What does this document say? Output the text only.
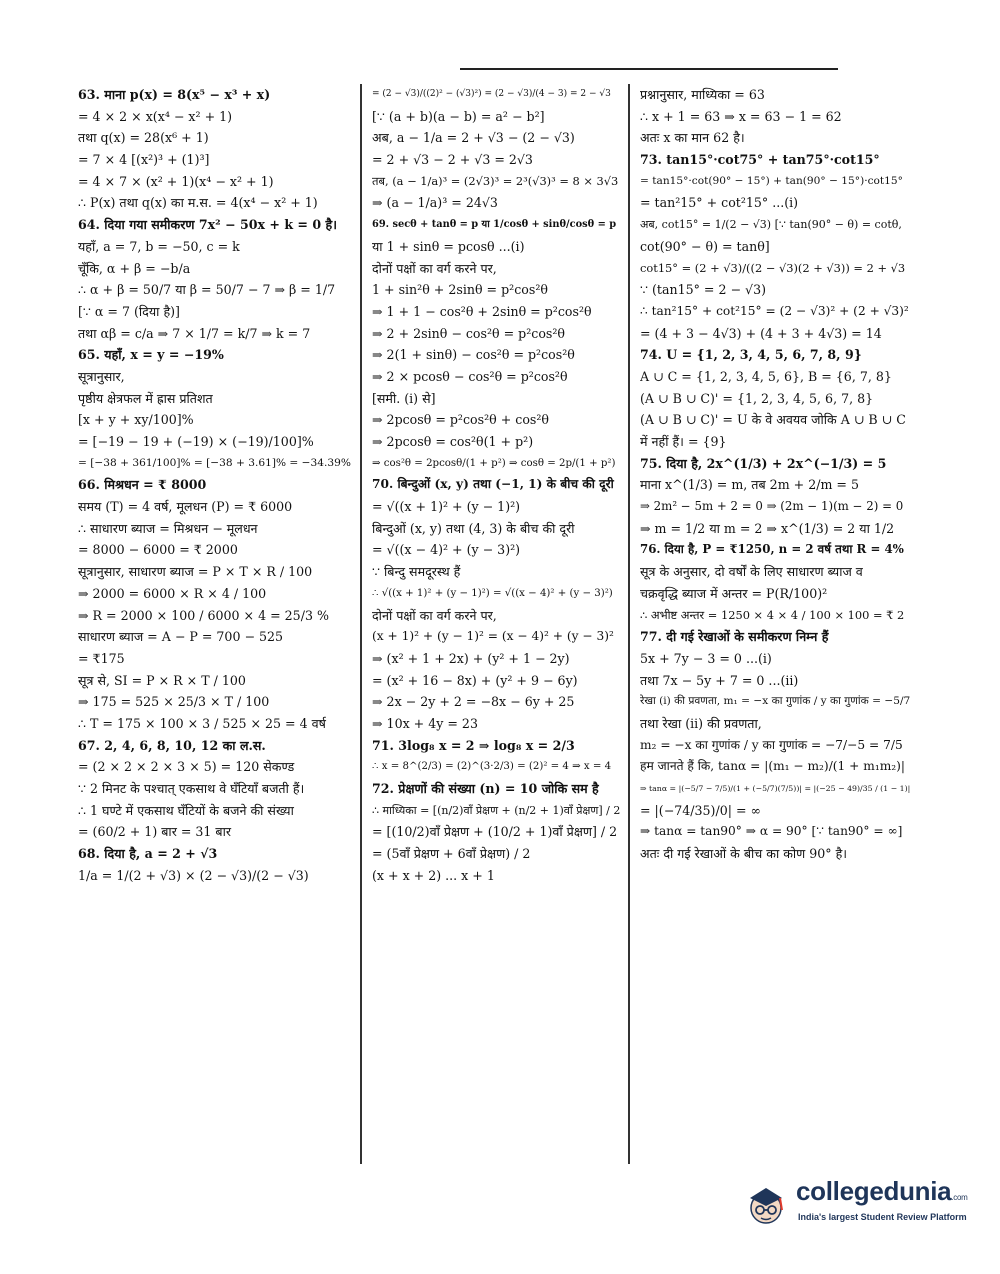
63. माना p(x) = 8(x⁵ − x³ + x)
= 4 × 2 × x(x⁴ − x² + 1)
तथा q(x) = 28(x⁶ + 1)
= 7 × 4 [(x²)³ + (1)³]
= 4 × 7 × (x² + 1)(x⁴ − x² + 1)
∴ P(x) तथा q(x) का म.स. = 4(x⁴ − x² + 1)
64. दिया गया समीकरण 7x² − 50x + k = 0 है।
यहाँ, a = 7, b = −50, c = k
चूँकि, α + β = −b/a
∴ α + β = 50/7 या β = 50/7 − 7 ⇒ β = 1/7
[∵ α = 7 (दिया है)]
तथा αβ = c/a ⇒ 7 × 1/7 = k/7 ⇒ k = 7
65. यहाँ, x = y = −19%
सूत्रानुसार,
पृष्ठीय क्षेत्रफल में ह्रास प्रतिशत
[x + y + xy/100]%
= [−19 − 19 + (−19) × (−19)/100]%
= [−38 + 361/100]% = [−38 + 3.61]% = −34.39%
66. मिश्रधन = ₹ 8000
समय (T) = 4 वर्ष, मूलधन (P) = ₹ 6000
∴ साधारण ब्याज = मिश्रधन − मूलधन
= 8000 − 6000 = ₹ 2000
सूत्रानुसार, साधारण ब्याज = P × T × R / 100
⇒ 2000 = 6000 × R × 4 / 100
⇒ R = 2000 × 100 / 6000 × 4 = 25/3 %
साधारण ब्याज = A − P = 700 − 525
= ₹175
सूत्र से, SI = P × R × T / 100
⇒ 175 = 525 × 25/3 × T / 100
∴ T = 175 × 100 × 3 / 525 × 25 = 4 वर्ष
67. 2, 4, 6, 8, 10, 12 का ल.स.
= (2 × 2 × 2 × 3 × 5) = 120 सेकण्ड
∵ 2 मिनट के पश्चात् एकसाथ वे घँटियाँ बजती हैं।
∴ 1 घण्टे में एकसाथ घँटियों के बजने की संख्या
= (60/2 + 1) बार = 31 बार
68. दिया है, a = 2 + √3
1/a = 1/(2 + √3) × (2 − √3)/(2 − √3)
= (2 − √3)/((2)² − (√3)²) = (2 − √3)/(4 − 3) = 2 − √3
[∵ (a + b)(a − b) = a² − b²]
अब, a − 1/a = 2 + √3 − (2 − √3)
= 2 + √3 − 2 + √3 = 2√3
तब, (a − 1/a)³ = (2√3)³ = 2³(√3)³ = 8 × 3√3
⇒ (a − 1/a)³ = 24√3
69. secθ + tanθ = p या 1/cosθ + sinθ/cosθ = p
या 1 + sinθ = pcosθ ...(i)
दोनों पक्षों का वर्ग करने पर,
1 + sin²θ + 2sinθ = p²cos²θ
⇒ 1 + 1 − cos²θ + 2sinθ = p²cos²θ
⇒ 2 + 2sinθ − cos²θ = p²cos²θ
⇒ 2(1 + sinθ) − cos²θ = p²cos²θ
⇒ 2 × pcosθ − cos²θ = p²cos²θ
[समी. (i) से]
⇒ 2pcosθ = p²cos²θ + cos²θ
⇒ 2pcosθ = cos²θ(1 + p²)
⇒ cos²θ = 2pcosθ/(1 + p²) ⇒ cosθ = 2p/(1 + p²)
70. बिन्दुओं (x, y) तथा (−1, 1) के बीच की दूरी
= √((x + 1)² + (y − 1)²)
बिन्दुओं (x, y) तथा (4, 3) के बीच की दूरी
= √((x − 4)² + (y − 3)²)
∵ बिन्दु समदूरस्थ हैं
∴ √((x + 1)² + (y − 1)²) = √((x − 4)² + (y − 3)²)
दोनों पक्षों का वर्ग करने पर,
(x + 1)² + (y − 1)² = (x − 4)² + (y − 3)²
⇒ (x² + 1 + 2x) + (y² + 1 − 2y)
= (x² + 16 − 8x) + (y² + 9 − 6y)
⇒ 2x − 2y + 2 = −8x − 6y + 25
⇒ 10x + 4y = 23
71. 3log₈ x = 2 ⇒ log₈ x = 2/3
∴ x = 8^(2/3) = (2)^(3·2/3) = (2)² = 4 ⇒ x = 4
72. प्रेक्षणों की संख्या (n) = 10 जोकि सम है
∴ माध्यिका = [(n/2)वाँ प्रेक्षण + (n/2 + 1)वाँ प्रेक्षण] / 2
= [(10/2)वाँ प्रेक्षण + (10/2 + 1)वाँ प्रेक्षण] / 2
= (5वाँ प्रेक्षण + 6वाँ प्रेक्षण) / 2
(x + x + 2) ... x + 1
प्रश्नानुसार, माध्यिका = 63
∴ x + 1 = 63 ⇒ x = 63 − 1 = 62
अतः x का मान 62 है।
73. tan15°·cot75° + tan75°·cot15°
= tan15°·cot(90° − 15°) + tan(90° − 15°)·cot15°
= tan²15° + cot²15° ...(i)
अब, cot15° = 1/(2 − √3) [∵ tan(90° − θ) = cotθ,
cot(90° − θ) = tanθ]
cot15° = (2 + √3)/((2 − √3)(2 + √3)) = 2 + √3
∵ (tan15° = 2 − √3)
∴ tan²15° + cot²15° = (2 − √3)² + (2 + √3)²
= (4 + 3 − 4√3) + (4 + 3 + 4√3) = 14
74. U = {1, 2, 3, 4, 5, 6, 7, 8, 9}
A ∪ C = {1, 2, 3, 4, 5, 6}, B = {6, 7, 8}
(A ∪ B ∪ C)' = {1, 2, 3, 4, 5, 6, 7, 8}
(A ∪ B ∪ C)' = U के वे अवयव जोकि A ∪ B ∪ C
में नहीं हैं। = {9}
75. दिया है, 2x^(1/3) + 2x^(−1/3) = 5
माना x^(1/3) = m, तब 2m + 2/m = 5
⇒ 2m² − 5m + 2 = 0 ⇒ (2m − 1)(m − 2) = 0
⇒ m = 1/2 या m = 2 ⇒ x^(1/3) = 2 या 1/2
76. दिया है, P = ₹1250, n = 2 वर्ष तथा R = 4%
सूत्र के अनुसार, दो वर्षों के लिए साधारण ब्याज व
चक्रवृद्धि ब्याज में अन्तर = P(R/100)²
∴ अभीष्ट अन्तर = 1250 × 4 × 4 / 100 × 100 = ₹ 2
77. दी गई रेखाओं के समीकरण निम्न हैं
5x + 7y − 3 = 0 ...(i)
तथा 7x − 5y + 7 = 0 ...(ii)
रेखा (i) की प्रवणता, m₁ = −x का गुणांक / y का गुणांक = −5/7
तथा रेखा (ii) की प्रवणता,
m₂ = −x का गुणांक / y का गुणांक = −7/−5 = 7/5
हम जानते हैं कि, tanα = |(m₁ − m₂)/(1 + m₁m₂)|
⇒ tanα = |(−5/7 − 7/5)/(1 + (−5/7)(7/5))| = |(−25 − 49)/35 / (1 − 1)|
= |(−74/35)/0| = ∞
⇒ tanα = tan90° ⇒ α = 90° [∵ tan90° = ∞]
अतः दी गई रेखाओं के बीच का कोण 90° है।
collegedunia.com
India's largest Student Review Platform
